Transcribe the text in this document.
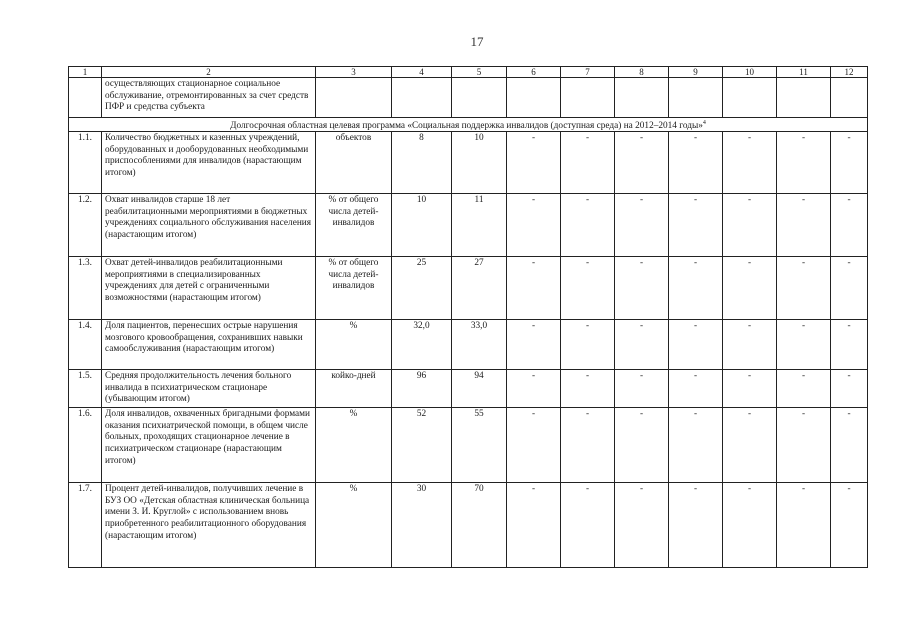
17
1	2	3	4	5	6	7	8	9	10	11	12
	осуществляющих стационарное социальное обслуживание, отремонтированных за счет средств ПФР и средства субъекта										
Долгосрочная областная целевая программа «Социальная поддержка инвалидов (доступная среда) на 2012–2014 годы»$^4$
1.1.	Количество бюджетных и казенных учреждений, оборудованных и дооборудованных необходимыми приспособлениями для инвалидов (нарастающим итогом)	объектов	8	10	-	-	-	-	-	-	-
1.2.	Охват инвалидов старше 18 лет реабилитационными мероприятиями в бюджетных учреждениях социального обслуживания населения (нарастающим итогом)	% от общего числа детей-инвалидов	10	11	-	-	-	-	-	-	-
1.3.	Охват детей-инвалидов реабилитационными мероприятиями в специализированных учреждениях для детей с ограниченными возможностями (нарастающим итогом)	% от общего числа детей-инвалидов	25	27	-	-	-	-	-	-	-
1.4.	Доля пациентов, перенесших острые нарушения мозгового кровообращения, сохранивших навыки самообслуживания (нарастающим итогом)	%	32,0	33,0	-	-	-	-	-	-	-
1.5.	Средняя продолжительность лечения больного инвалида в психиатрическом стационаре (убывающим итогом)	койко-дней	96	94	-	-	-	-	-	-	-
1.6.	Доля инвалидов, охваченных бригадными формами оказания психиатрической помощи, в общем числе больных, проходящих стационарное лечение в психиатрическом стационаре (нарастающим итогом)	%	52	55	-	-	-	-	-	-	-
1.7.	Процент детей-инвалидов, получивших лечение в БУЗ ОО «Детская областная клиническая больница имени З. И. Круглой» с использованием вновь приобретенного реабилитационного оборудования (нарастающим итогом)	%	30	70	-	-	-	-	-	-	-
